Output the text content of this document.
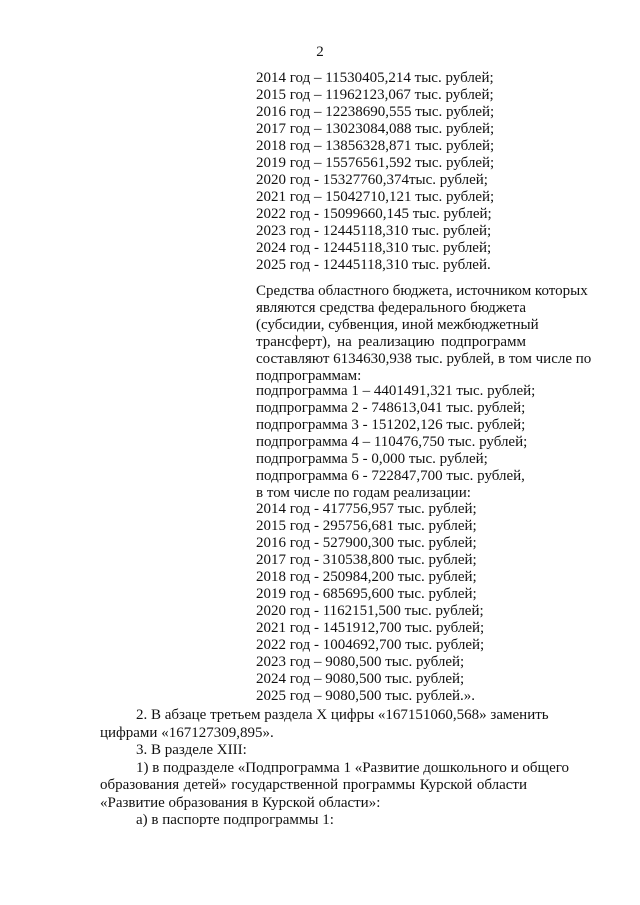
2
2014 год – 11530405,214 тыс. рублей;
2015 год – 11962123,067 тыс. рублей;
2016 год – 12238690,555 тыс. рублей;
2017 год – 13023084,088 тыс. рублей;
2018 год – 13856328,871 тыс. рублей;
2019 год – 15576561,592 тыс. рублей;
2020 год - 15327760,374тыс. рублей;
2021 год – 15042710,121 тыс. рублей;
2022 год - 15099660,145 тыс. рублей;
2023 год - 12445118,310 тыс. рублей;
2024 год - 12445118,310 тыс. рублей;
2025 год - 12445118,310 тыс. рублей.
Средства областного бюджета, источником которых
являются средства федерального бюджета
(субсидии, субвенция, иной межбюджетный
трансферт), на реализацию подпрограмм
составляют 6134630,938 тыс. рублей, в том числе по
подпрограммам:
подпрограмма 1 – 4401491,321 тыс. рублей;
подпрограмма 2 - 748613,041 тыс. рублей;
подпрограмма 3 - 151202,126 тыс. рублей;
подпрограмма 4 – 110476,750 тыс. рублей;
подпрограмма 5 - 0,000 тыс. рублей;
подпрограмма 6 - 722847,700 тыс. рублей,
в том числе по годам реализации:
2014 год - 417756,957 тыс. рублей;
2015 год - 295756,681 тыс. рублей;
2016 год - 527900,300 тыс. рублей;
2017 год - 310538,800 тыс. рублей;
2018 год - 250984,200 тыс. рублей;
2019 год - 685695,600 тыс. рублей;
2020 год - 1162151,500 тыс. рублей;
2021 год - 1451912,700 тыс. рублей;
2022 год - 1004692,700 тыс. рублей;
2023 год – 9080,500 тыс. рублей;
2024 год – 9080,500 тыс. рублей;
2025 год – 9080,500 тыс. рублей.».
2. В абзаце третьем раздела X цифры «167151060,568» заменить
цифрами «167127309,895».
3. В разделе XIII:
1) в подразделе «Подпрограмма 1 «Развитие дошкольного и общего
образования детей» государственной программы Курской области
«Развитие образования в Курской области»:
а) в паспорте подпрограммы 1:
